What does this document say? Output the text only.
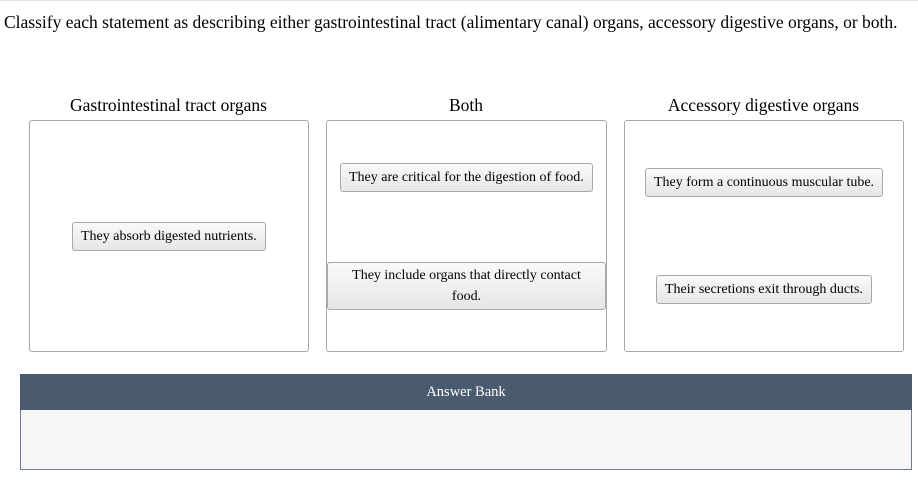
Classify each statement as describing either gastrointestinal tract (alimentary canal) organs, accessory digestive organs, or both.
Gastrointestinal tract organs
They absorb digested nutrients.
Both
They are critical for the digestion of food.
They include organs that directly contact food.
Accessory digestive organs
They form a continuous muscular tube.
Their secretions exit through ducts.
Answer Bank
